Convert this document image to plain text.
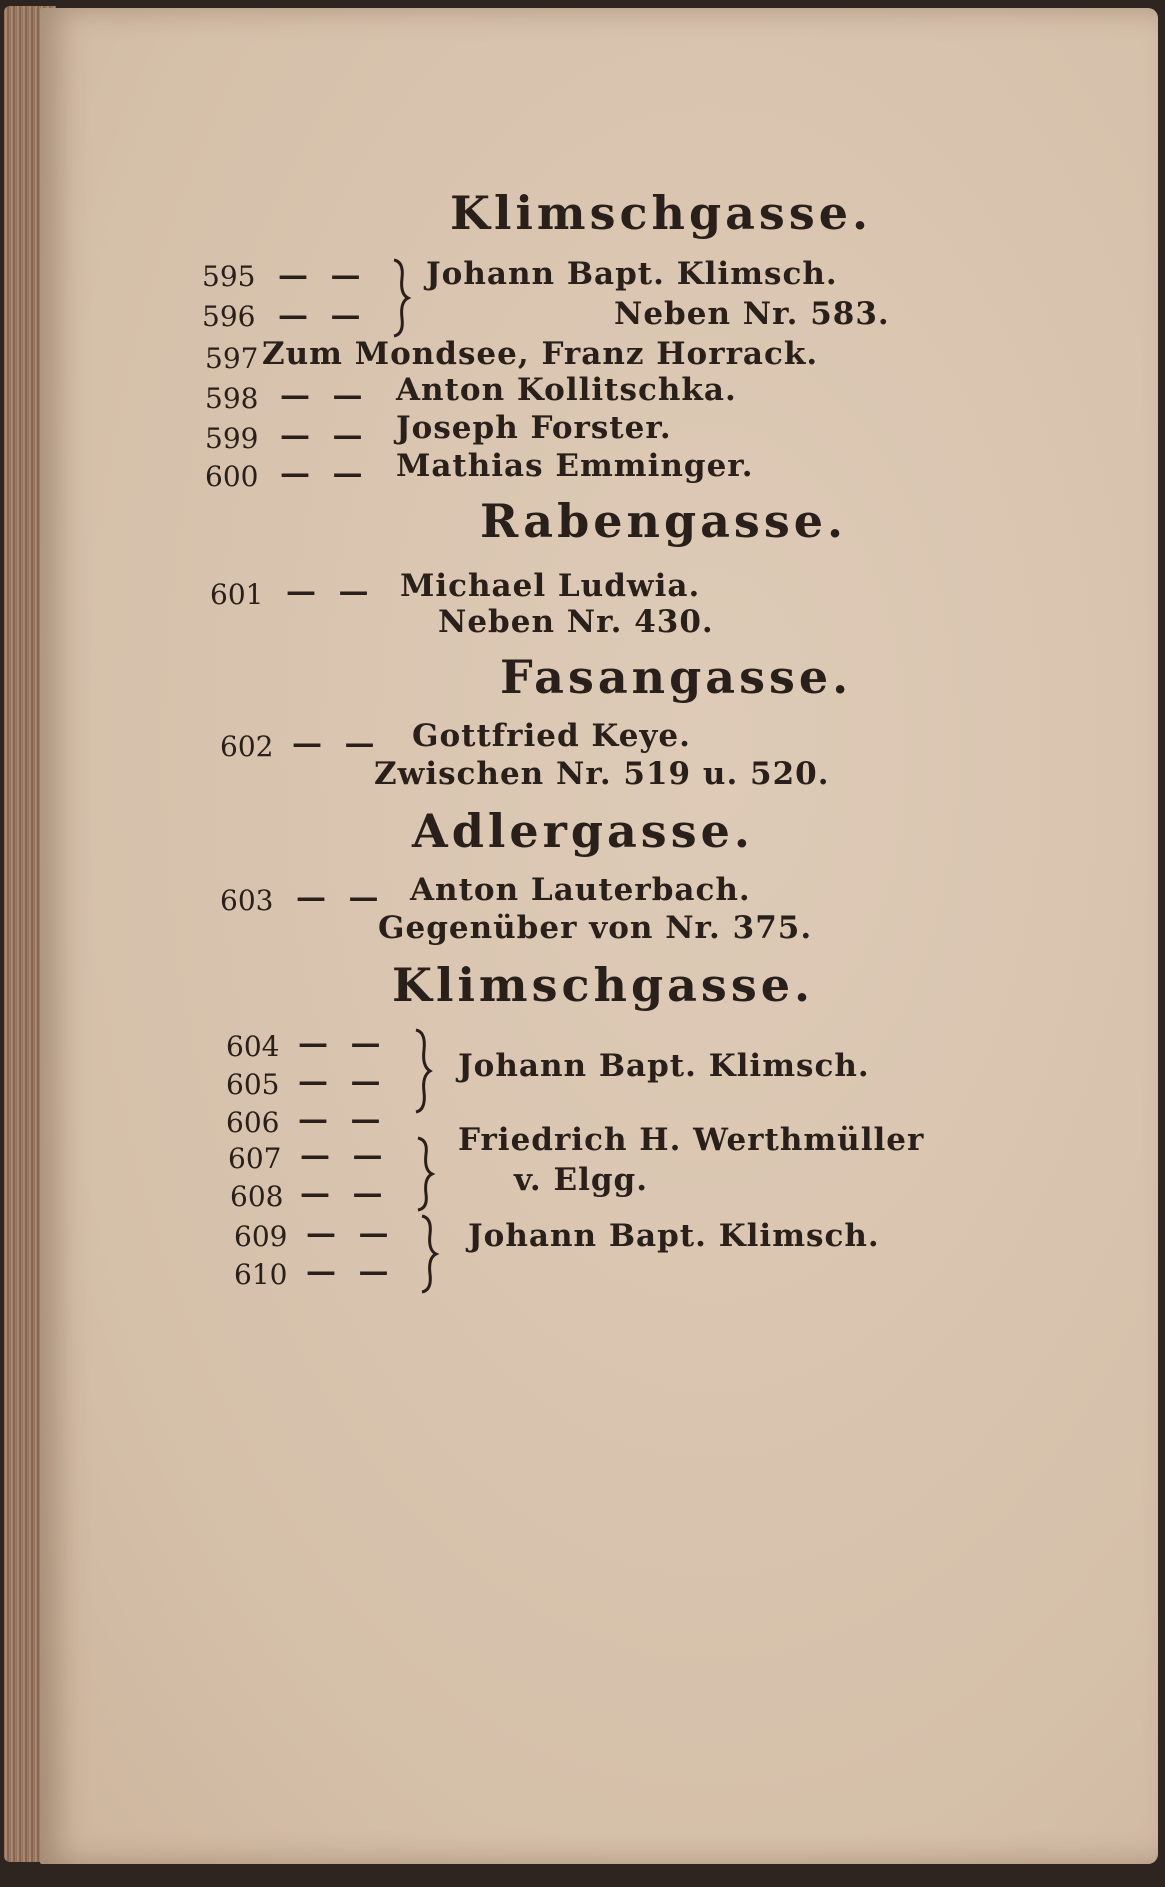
Klimschgasse.
595 — —
596 — —
Johann Bapt. Klimsch.
Neben Nr. 583.
597 Zum Mondsee, Franz Horrack.
598 — — Anton Kollitschka.
599 — — Joseph Forster.
600 — — Mathias Emminger.
Rabengasse.
601 — — Michael Ludwia.
Neben Nr. 430.
Fasangasse.
602 — — Gottfried Keye.
Zwischen Nr. 519 u. 520.
Adlergasse.
603 — — Anton Lauterbach.
Gegenüber von Nr. 375.
Klimschgasse.
604 — —
605 — —
606 — —
Johann Bapt. Klimsch.
607 — —
608 — —
Friedrich H. Werthmüller
v. Elgg.
609 — —
610 — —
Johann Bapt. Klimsch.
